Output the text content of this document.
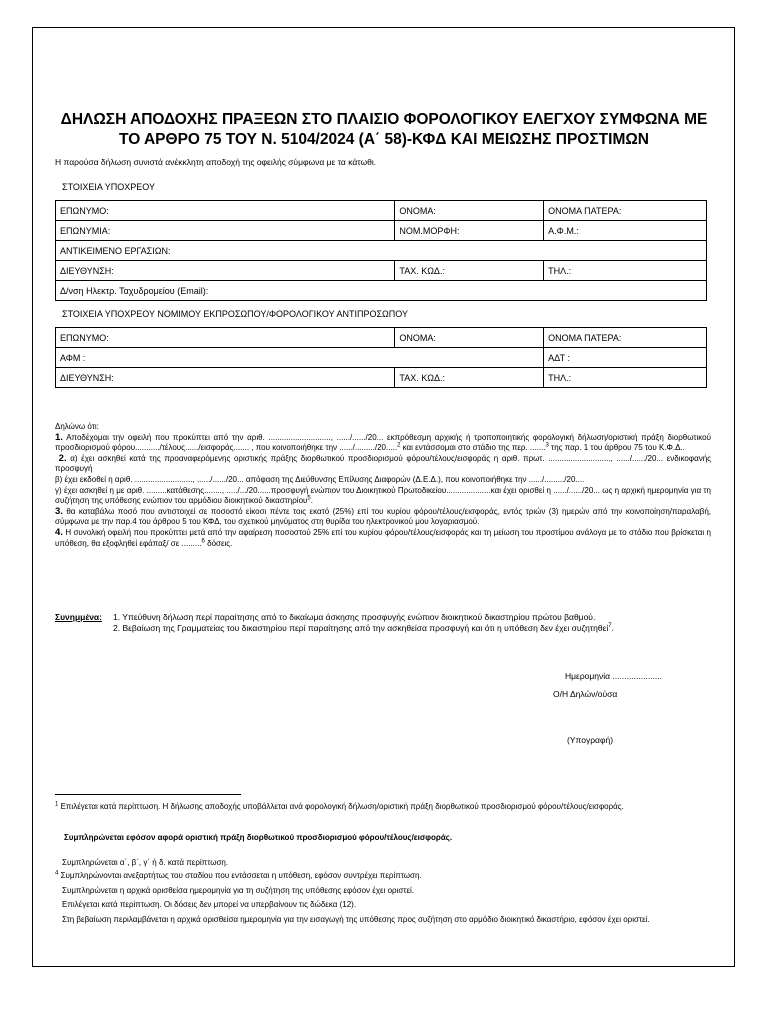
ΔΗΛΩΣΗ ΑΠΟΔΟΧΗΣ ΠΡΑΞΕΩΝ ΣΤΟ ΠΛΑΙΣΙΟ ΦΟΡΟΛΟΓΙΚΟΥ ΕΛΕΓΧΟΥ ΣΥΜΦΩΝΑ ΜΕ
ΤΟ ΑΡΘΡΟ 75 ΤΟΥ Ν. 5104/2024 (Α΄ 58)-ΚΦΔ ΚΑΙ ΜΕΙΩΣΗΣ ΠΡΟΣΤΙΜΩΝ
Η παρούσα δήλωση συνιστά ανέκκλητη αποδοχή της οφειλής σύμφωνα με τα κάτωθι.
ΣΤΟΙΧΕΙΑ ΥΠΟΧΡΕΟΥ
ΕΠΩΝΥΜΟ:	ΟΝΟΜΑ:	ΟΝΟΜΑ ΠΑΤΕΡΑ:
ΕΠΩΝΥΜΙΑ:	ΝΟΜ.ΜΟΡΦΗ:	Α.Φ.Μ.:
ΑΝΤΙΚΕΙΜΕΝΟ ΕΡΓΑΣΙΩΝ:		
ΔΙΕΥΘΥΝΣΗ:	ΤΑΧ. ΚΩΔ.:	ΤΗΛ.:
Δ/νση Ηλεκτρ. Ταχυδρομείου (Email):		
ΣΤΟΙΧΕΙΑ ΥΠΟΧΡΕΟΥ ΝΟΜΙΜΟΥ ΕΚΠΡΟΣΩΠΟΥ/ΦΟΡΟΛΟΓΙΚΟΥ ΑΝΤΙΠΡΟΣΩΠΟΥ
ΕΠΩΝΥΜΟ:	ΟΝΟΜΑ:	ΟΝΟΜΑ ΠΑΤΕΡΑ:
ΑΦΜ :		ΑΔΤ :
ΔΙΕΥΘΥΝΣΗ:	ΤΑΧ. ΚΩΔ.:	ΤΗΛ.:

Δηλώνω ότι:

1. Αποδέχομαι την οφειλή που προκύπτει από την αριθ. ............................, ....../....../20... εκπρόθεσμη αρχικής ή τροποποιητικής φορολογική δήλωση/οριστική πράξη διορθωτικού προσδιορισμού φόρου.........../τέλους....../εισφοράς....... , που κοινοποιήθηκε την ....../........./20.....$^2$ και εντάσσομαι στο στάδιο της περ. .......$^3$ της παρ. 1 του άρθρου 75 του Κ.Φ.Δ..

2. α) έχει ασκηθεί κατά της προαναφερόμενης οριστικής πράξης διορθωτικού προσδιορισμού φόρου/τέλους/εισφοράς η αριθ. πρωτ. ............................, ....../....../20... ενδικοφανής προσφυγή

β) έχει εκδοθεί η αριθ. .........................., ....../....../20... απόφαση της Διεύθυνσης Επίλυσης Διαφορών (Δ.Ε.Δ.), που κοινοποιήθηκε την ....../........./20....

γ) έχει ασκηθεί η με αριθ. .........κατάθεσης........, ...../.../20......προσφυγή ενώπιον του Διοικητικού Πρωτοδικείου....................και έχει ορισθεί η ....../....../20... ως η αρχική ημερομηνία για τη συζήτηση της υπόθεσης ενώπιον του αρμόδιου διοικητικού δικαστηρίου$^5$.

3. θα καταβάλω ποσό που αντιστοιχεί σε ποσοστό είκοσι πέντε τοις εκατό (25%) επί του κυρίου φόρου/τέλους/εισφοράς, εντός τριών (3) ημερών από την κοινοποίηση/παραλαβή, σύμφωνα με την παρ.4 του άρθρου 5 του ΚΦΔ, του σχετικού μηνύματος στη θυρίδα του ηλεκτρονικού μου λογαριασμού.

4. Η συνολική οφειλή που προκύπτει μετά από την αφαίρεση ποσοστού 25% επί του κυρίου φόρου/τέλους/εισφοράς και τη μείωση του προστίμου ανάλογα με το στάδιο που βρίσκεται η υπόθεση, θα εξοφληθεί εφάπαξ/ σε .........$^6$ δόσεις.

Συνημμένα: 1. Υπεύθυνη δήλωση περί παραίτησης από το δικαίωμα άσκησης προσφυγής ενώπιον διοικητικού δικαστηρίου πρώτου βαθμού.
2. Βεβαίωση της Γραμματείας του δικαστηρίου περί παραίτησης από την ασκηθείσα προσφυγή και ότι η υπόθεση δεν έχει συζητηθεί$^7$.
Ημερομηνία .....................
Ο/Η Δηλών/ούσα
(Υπογραφή)
$^1$ Επιλέγεται κατά περίπτωση. Η δήλωσης αποδοχής υποβάλλεται ανά φορολογική δήλωση/οριστική πράξη διορθωτικού προσδιορισμού φόρου/τέλους/εισφοράς.
Συμπληρώνεται εφόσον αφορά οριστική πράξη διορθωτικού προσδιορισμού φόρου/τέλους/εισφοράς.
Συμπληρώνεται α΄, β΄, γ΄ ή δ. κατά περίπτωση.
$^4$ Συμπληρώνονται ανεξαρτήτως του σταδίου που εντάσσεται η υπόθεση, εφόσον συντρέχει περίπτωση.
Συμπληρώνεται η αρχικά ορισθείσα ημερομηνία για τη συζήτηση της υπόθεσης εφόσον έχει οριστεί.
Επιλέγεται κατά περίπτωση. Οι δόσεις δεν μπορεί να υπερβαίνουν τις δώδεκα (12).
Στη βεβαίωση περιλαμβάνεται η αρχικά ορισθείσα ημερομηνία για την εισαγωγή της υπόθεσης προς συζήτηση στο αρμόδιο διοικητικό δικαστήριο, εφόσον έχει οριστεί.
